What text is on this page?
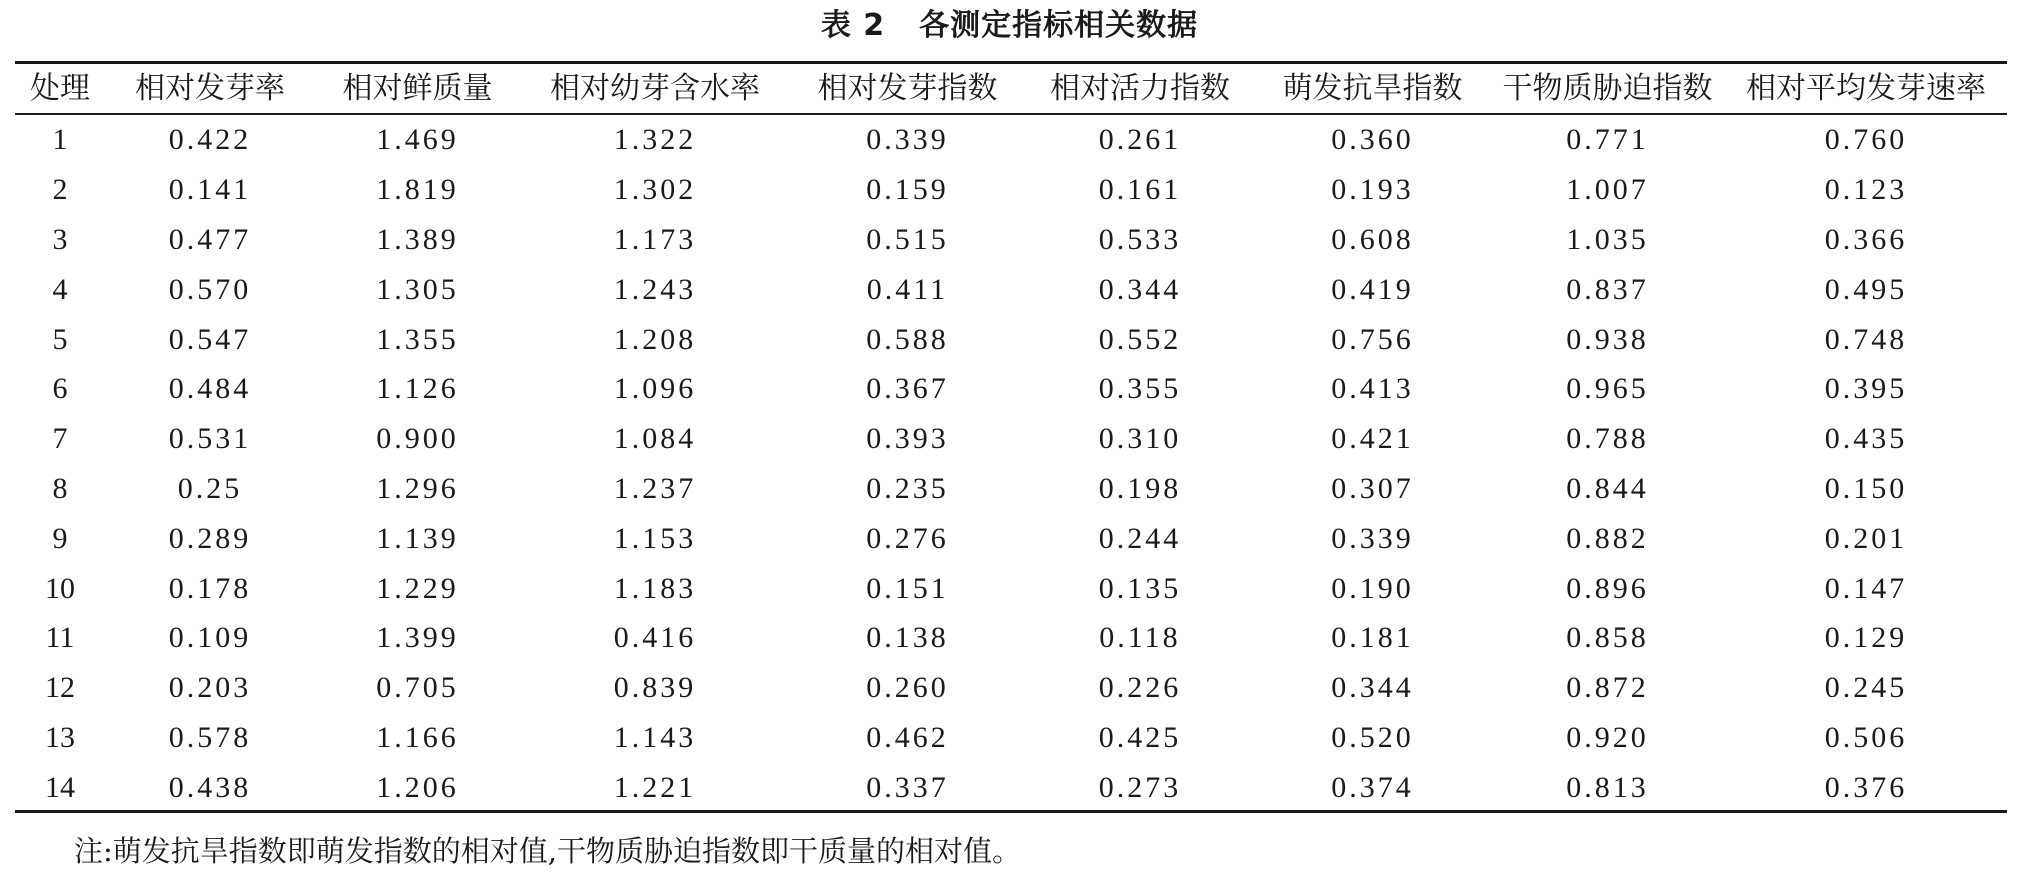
表 2 各测定指标相关数据
处理	相对发芽率	相对鲜质量	相对幼芽含水率	相对发芽指数	相对活力指数	萌发抗旱指数	干物质胁迫指数	相对平均发芽速率
1	0.422	1.469	1.322	0.339	0.261	0.360	0.771	0.760
2	0.141	1.819	1.302	0.159	0.161	0.193	1.007	0.123
3	0.477	1.389	1.173	0.515	0.533	0.608	1.035	0.366
4	0.570	1.305	1.243	0.411	0.344	0.419	0.837	0.495
5	0.547	1.355	1.208	0.588	0.552	0.756	0.938	0.748
6	0.484	1.126	1.096	0.367	0.355	0.413	0.965	0.395
7	0.531	0.900	1.084	0.393	0.310	0.421	0.788	0.435
8	0.25	1.296	1.237	0.235	0.198	0.307	0.844	0.150
9	0.289	1.139	1.153	0.276	0.244	0.339	0.882	0.201
10	0.178	1.229	1.183	0.151	0.135	0.190	0.896	0.147
11	0.109	1.399	0.416	0.138	0.118	0.181	0.858	0.129
12	0.203	0.705	0.839	0.260	0.226	0.344	0.872	0.245
13	0.578	1.166	1.143	0.462	0.425	0.520	0.920	0.506
14	0.438	1.206	1.221	0.337	0.273	0.374	0.813	0.376
注:萌发抗旱指数即萌发指数的相对值,干物质胁迫指数即干质量的相对值。
